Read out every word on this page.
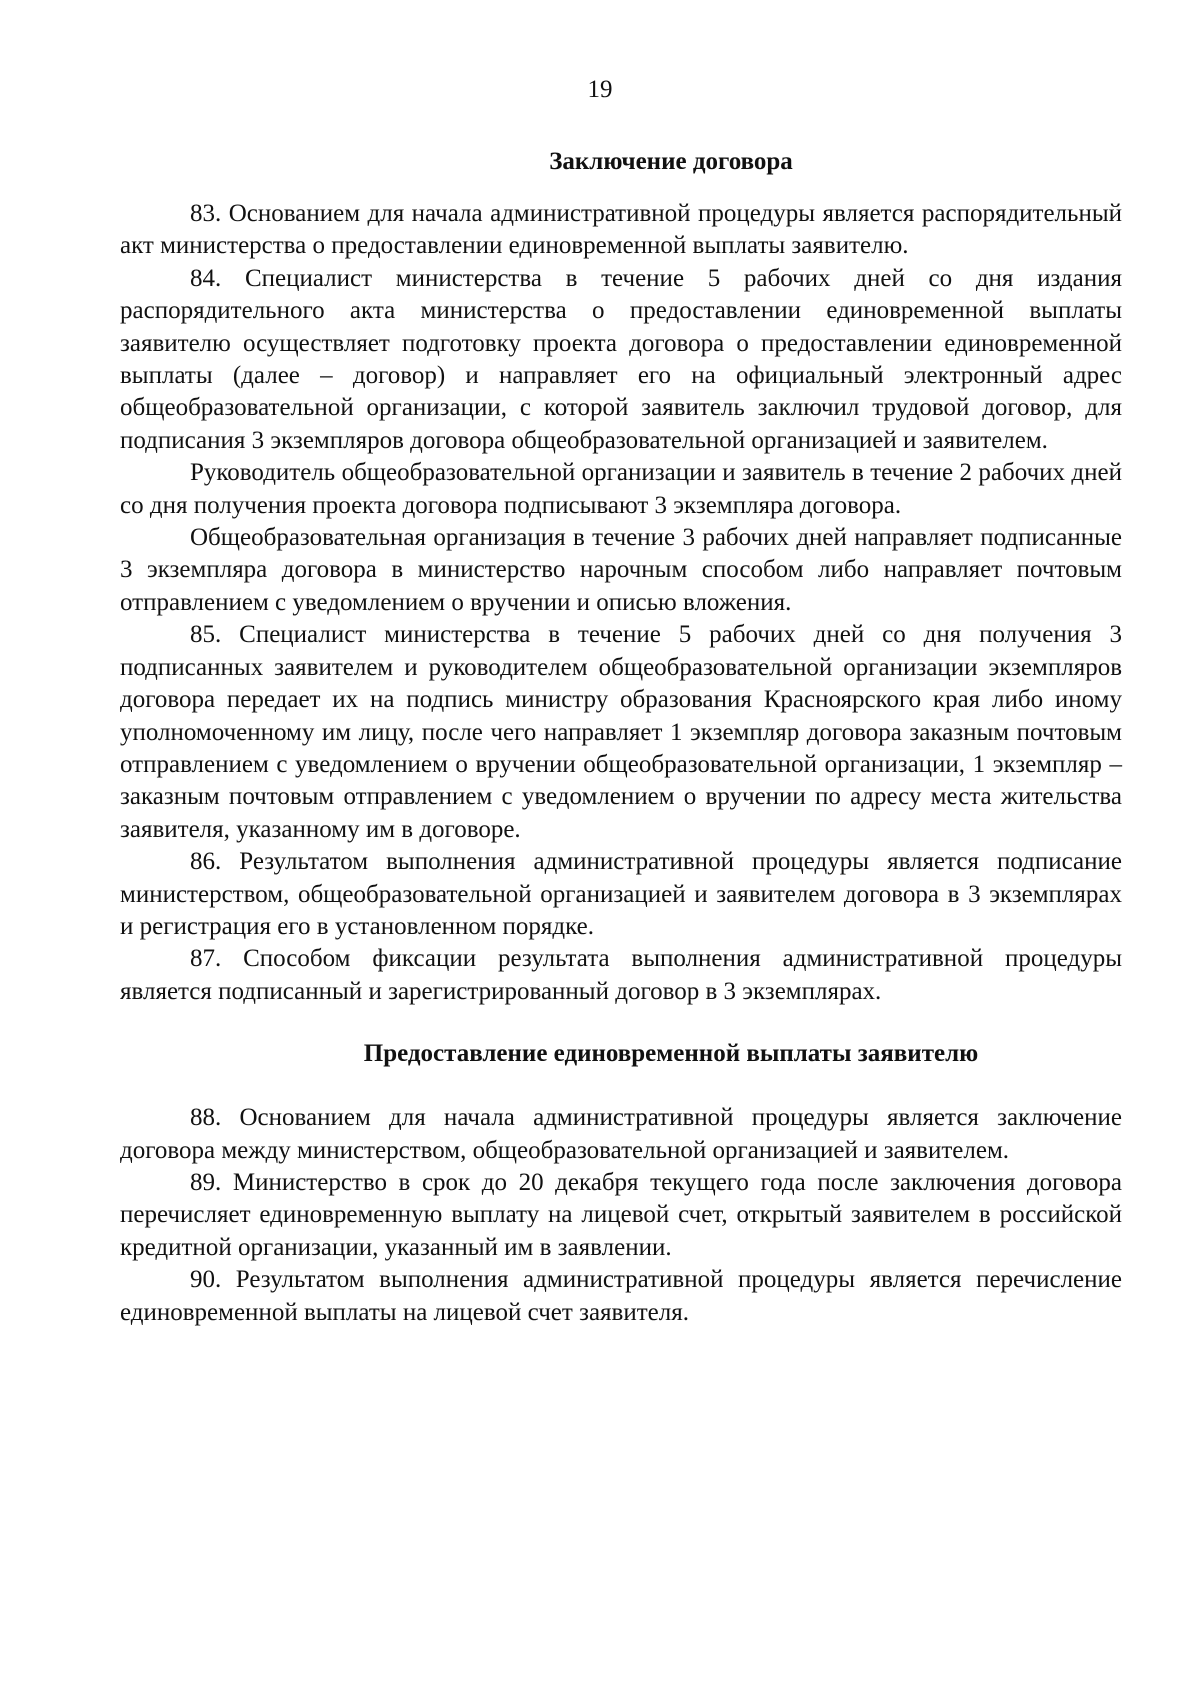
19
Заключение договора

83. Основанием для начала административной процедуры является распорядительный акт министерства о предоставлении единовременной выплаты заявителю.

84. Специалист министерства в течение 5 рабочих дней со дня издания распорядительного акта министерства о предоставлении единовременной выплаты заявителю осуществляет подготовку проекта договора о предоставлении единовременной выплаты (далее – договор) и направляет его на официальный электронный адрес общеобразовательной организации, с которой заявитель заключил трудовой договор, для подписания 3 экземпляров договора общеобразовательной организацией и заявителем.

Руководитель общеобразовательной организации и заявитель в течение 2 рабочих дней со дня получения проекта договора подписывают 3 экземпляра договора.

Общеобразовательная организация в течение 3 рабочих дней направляет подписанные 3 экземпляра договора в министерство нарочным способом либо направляет почтовым отправлением с уведомлением о вручении и описью вложения.

85. Специалист министерства в течение 5 рабочих дней со дня получения 3 подписанных заявителем и руководителем общеобразовательной организации экземпляров договора передает их на подпись министру образования Красноярского края либо иному уполномоченному им лицу, после чего направляет 1 экземпляр договора заказным почтовым отправлением с уведомлением о вручении общеобразовательной организации, 1 экземпляр – заказным почтовым отправлением с уведомлением о вручении по адресу места жительства заявителя, указанному им в договоре.

86. Результатом выполнения административной процедуры является подписание министерством, общеобразовательной организацией и заявителем договора в 3 экземплярах и регистрация его в установленном порядке.

87. Способом фиксации результата выполнения административной процедуры является подписанный и зарегистрированный договор в 3 экземплярах.

Предоставление единовременной выплаты заявителю

88. Основанием для начала административной процедуры является заключение договора между министерством, общеобразовательной организацией и заявителем.

89. Министерство в срок до 20 декабря текущего года после заключения договора перечисляет единовременную выплату на лицевой счет, открытый заявителем в российской кредитной организации, указанный им в заявлении.

90. Результатом выполнения административной процедуры является перечисление единовременной выплаты на лицевой счет заявителя.
